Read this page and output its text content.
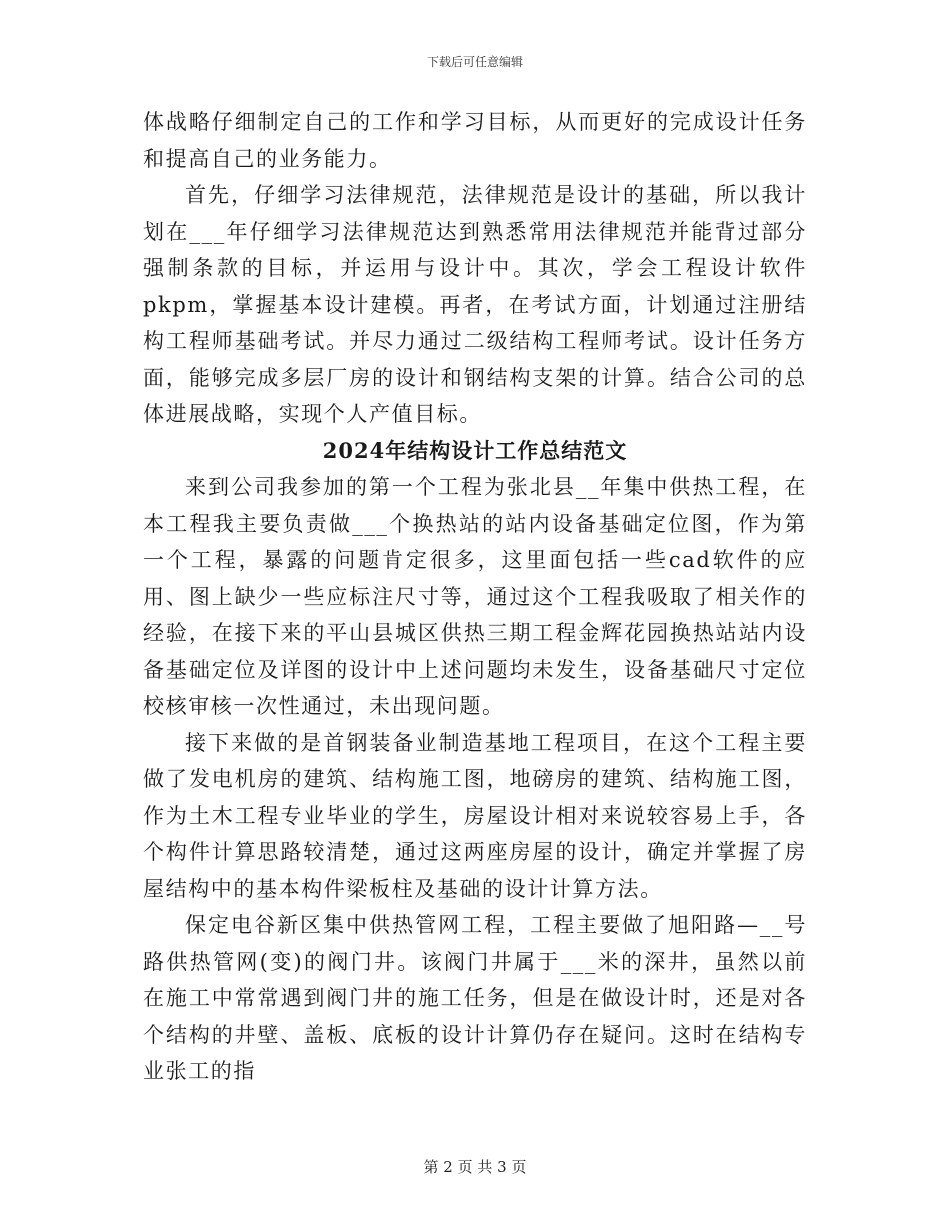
下载后可任意编辑

体战略仔细制定自己的工作和学习目标，从而更好的完成设计任务和提高自己的业务能力。

首先，仔细学习法律规范，法律规范是设计的基础，所以我计划在___年仔细学习法律规范达到熟悉常用法律规范并能背过部分强制条款的目标，并运用与设计中。其次，学会工程设计软件pkpm，掌握基本设计建模。再者，在考试方面，计划通过注册结构工程师基础考试。并尽力通过二级结构工程师考试。设计任务方面，能够完成多层厂房的设计和钢结构支架的计算。结合公司的总体进展战略，实现个人产值目标。

2024年结构设计工作总结范文

来到公司我参加的第一个工程为张北县__年集中供热工程，在本工程我主要负责做___个换热站的站内设备基础定位图，作为第一个工程，暴露的问题肯定很多，这里面包括一些cad软件的应用、图上缺少一些应标注尺寸等，通过这个工程我吸取了相关作的经验，在接下来的平山县城区供热三期工程金辉花园换热站站内设备基础定位及详图的设计中上述问题均未发生，设备基础尺寸定位校核审核一次性通过，未出现问题。

接下来做的是首钢装备业制造基地工程项目，在这个工程主要做了发电机房的建筑、结构施工图，地磅房的建筑、结构施工图，作为土木工程专业毕业的学生，房屋设计相对来说较容易上手，各个构件计算思路较清楚，通过这两座房屋的设计，确定并掌握了房屋结构中的基本构件梁板柱及基础的设计计算方法。

保定电谷新区集中供热管网工程，工程主要做了旭阳路—__号路供热管网(变)的阀门井。该阀门井属于___米的深井，虽然以前在施工中常常遇到阀门井的施工任务，但是在做设计时，还是对各个结构的井壁、盖板、底板的设计计算仍存在疑问。这时在结构专业张工的指

第 2 页 共 3 页
